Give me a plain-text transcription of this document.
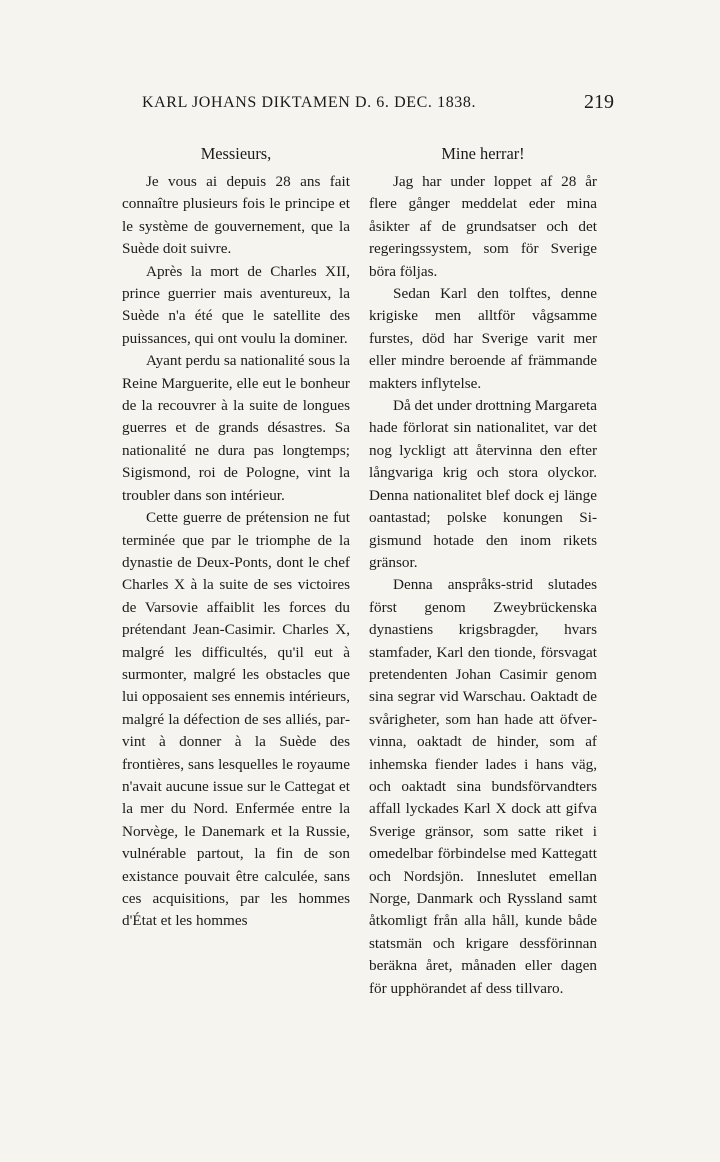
KARL JOHANS DIKTAMEN D. 6. DEC. 1838.	219
Messieurs,

Je vous ai depuis 28 ans fait connaître plusieurs fois le principe et le système de gouvernement, que la Suède doit suivre.

Après la mort de Charles XII, prince guerrier mais aventureux, la Suède n'a été que le satellite des puissances, qui ont voulu la dominer.

Ayant perdu sa nationalité sous la Reine Marguerite, elle eut le bonheur de la recouvrer à la suite de longues guerres et de grands désastres. Sa nationalité ne dura pas longtemps; Sigismond, roi de Pologne, vint la troubler dans son intérieur.

Cette guerre de prétension ne fut terminée que par le triomphe de la dynastie de Deux-Ponts, dont le chef Charles X à la suite de ses victoires de Varsovie affaiblit les forces du prétendant Jean-Casimir. Charles X, malgré les difficultés, qu'il eut à surmonter, malgré les obstacles que lui opposaient ses ennemis intérieurs, malgré la défection de ses alliés, parvint à donner à la Suède des frontières, sans lesquelles le royaume n'avait aucune issue sur le Cattegat et la mer du Nord. Enfermée entre la Norvège, le Danemark et la Russie, vulnérable partout, la fin de son existance pouvait être calculée, sans ces acquisitions, par les hommes d'État et les hommes

Mine herrar!

Jag har under loppet af 28 år flere gånger meddelat eder mina åsikter af de grundsatser och det regeringssystem, som för Sverige böra följas.

Sedan Karl den tolftes, denne krigiske men alltför vågsamme furstes, död har Sverige varit mer eller mindre beroende af främmande makters inflytelse.

Då det under drottning Margareta hade förlorat sin nationalitet, var det nog lyckligt att återvinna den efter långvariga krig och stora olyckor. Denna nationalitet blef dock ej länge oantastad; polske konungen Sigismund hotade den inom rikets gränsor.

Denna anspråks-strid slutades först genom Zweybrückenska dynastiens krigsbragder, hvars stamfader, Karl den tionde, försvagat pretendenten Johan Casimir genom sina segrar vid Warschau. Oaktadt de svårigheter, som han hade att öfvervinna, oaktadt de hinder, som af inhemska fiender lades i hans väg, och oaktadt sina bundsförvandters affall lyckades Karl X dock att gifva Sverige gränsor, som satte riket i omedelbar förbindelse med Kattegatt och Nordsjön. Inneslutet emellan Norge, Danmark och Ryssland samt åtkomligt från alla håll, kunde både statsmän och krigare dessförinnan beräkna året, månaden eller dagen för upphörandet af dess tillvaro.
